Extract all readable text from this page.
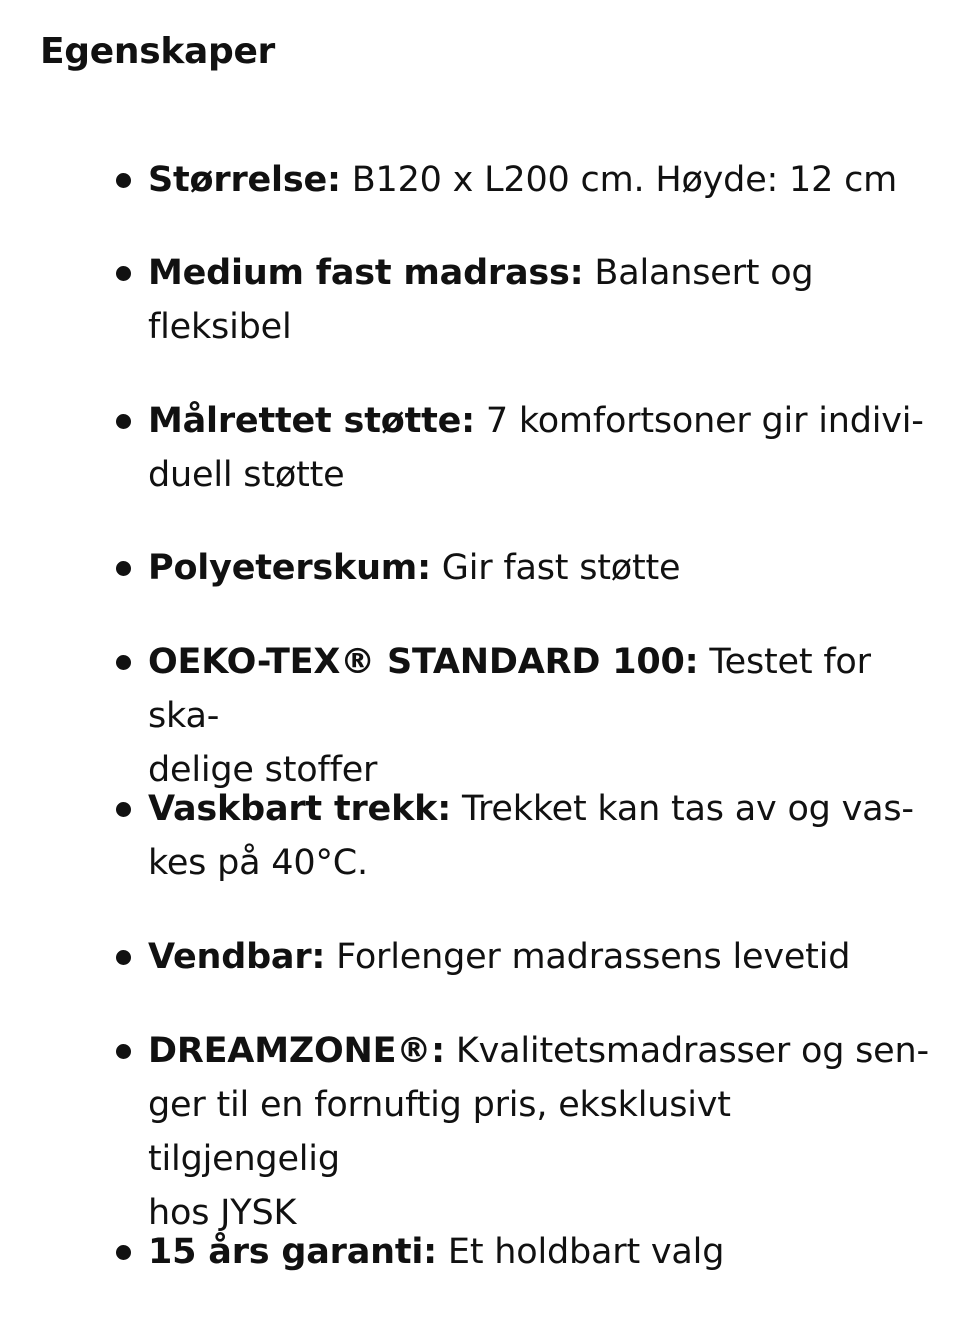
Egenskaper
Størrelse: B120 x L200 cm. Høyde: 12 cm
Medium fast madrass: Balansert og
fleksibel
Målrettet støtte: 7 komfortsoner gir indivi-
duell støtte
Polyeterskum: Gir fast støtte
OEKO-TEX® STANDARD 100: Testet for ska-
delige stoffer
Vaskbart trekk: Trekket kan tas av og vas-
kes på 40°C.
Vendbar: Forlenger madrassens levetid
DREAMZONE®: Kvalitetsmadrasser og sen-
ger til en fornuftig pris, eksklusivt tilgjengelig
hos JYSK
15 års garanti: Et holdbart valg
